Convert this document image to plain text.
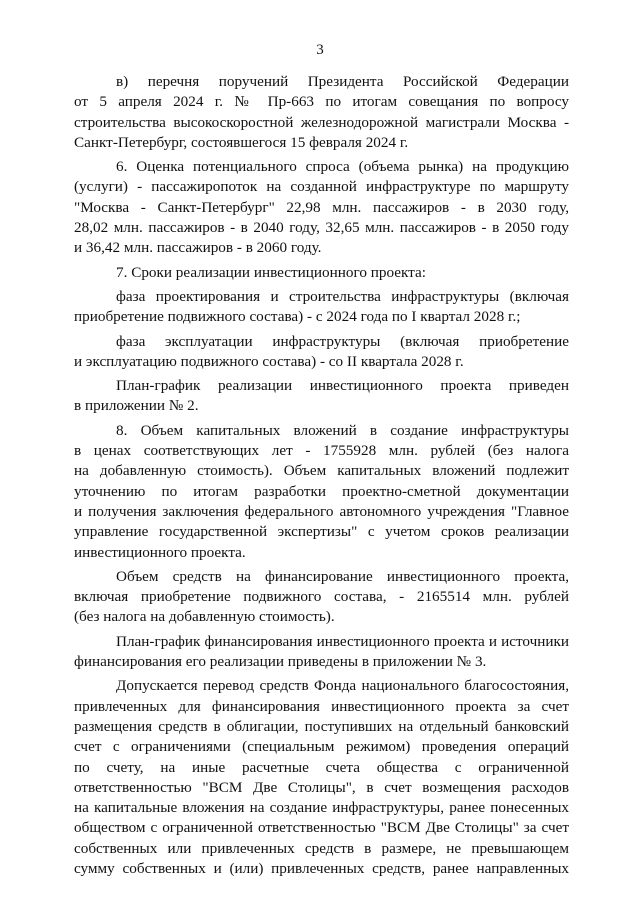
3

в) перечня поручений Президента Российской Федерации
от 5 апреля 2024 г. № Пр-663 по итогам совещания по вопросу
строительства высокоскоростной железнодорожной магистрали Москва -
Санкт-Петербург, состоявшегося 15 февраля 2024 г.

6. Оценка потенциального спроса (объема рынка) на продукцию
(услуги) - пассажиропоток на созданной инфраструктуре по маршруту
"Москва - Санкт-Петербург" 22,98 млн. пассажиров - в 2030 году,
28,02 млн. пассажиров - в 2040 году, 32,65 млн. пассажиров - в 2050 году
и 36,42 млн. пассажиров - в 2060 году.

7. Сроки реализации инвестиционного проекта:

фаза проектирования и строительства инфраструктуры (включая
приобретение подвижного состава) - с 2024 года по I квартал 2028 г.;

фаза эксплуатации инфраструктуры (включая приобретение
и эксплуатацию подвижного состава) - со II квартала 2028 г.

План-график реализации инвестиционного проекта приведен
в приложении № 2.

8. Объем капитальных вложений в создание инфраструктуры
в ценах соответствующих лет - 1755928 млн. рублей (без налога
на добавленную стоимость). Объем капитальных вложений подлежит
уточнению по итогам разработки проектно-сметной документации
и получения заключения федерального автономного учреждения "Главное
управление государственной экспертизы" с учетом сроков реализации
инвестиционного проекта.

Объем средств на финансирование инвестиционного проекта,
включая приобретение подвижного состава, - 2165514 млн. рублей
(без налога на добавленную стоимость).

План-график финансирования инвестиционного проекта и источники
финансирования его реализации приведены в приложении № 3.

Допускается перевод средств Фонда национального благосостояния,
привлеченных для финансирования инвестиционного проекта за счет
размещения средств в облигации, поступивших на отдельный банковский
счет с ограничениями (специальным режимом) проведения операций
по счету, на иные расчетные счета общества с ограниченной
ответственностью "ВСМ Две Столицы", в счет возмещения расходов
на капитальные вложения на создание инфраструктуры, ранее понесенных
обществом с ограниченной ответственностью "ВСМ Две Столицы" за счет
собственных или привлеченных средств в размере, не превышающем
сумму собственных и (или) привлеченных средств, ранее направленных
